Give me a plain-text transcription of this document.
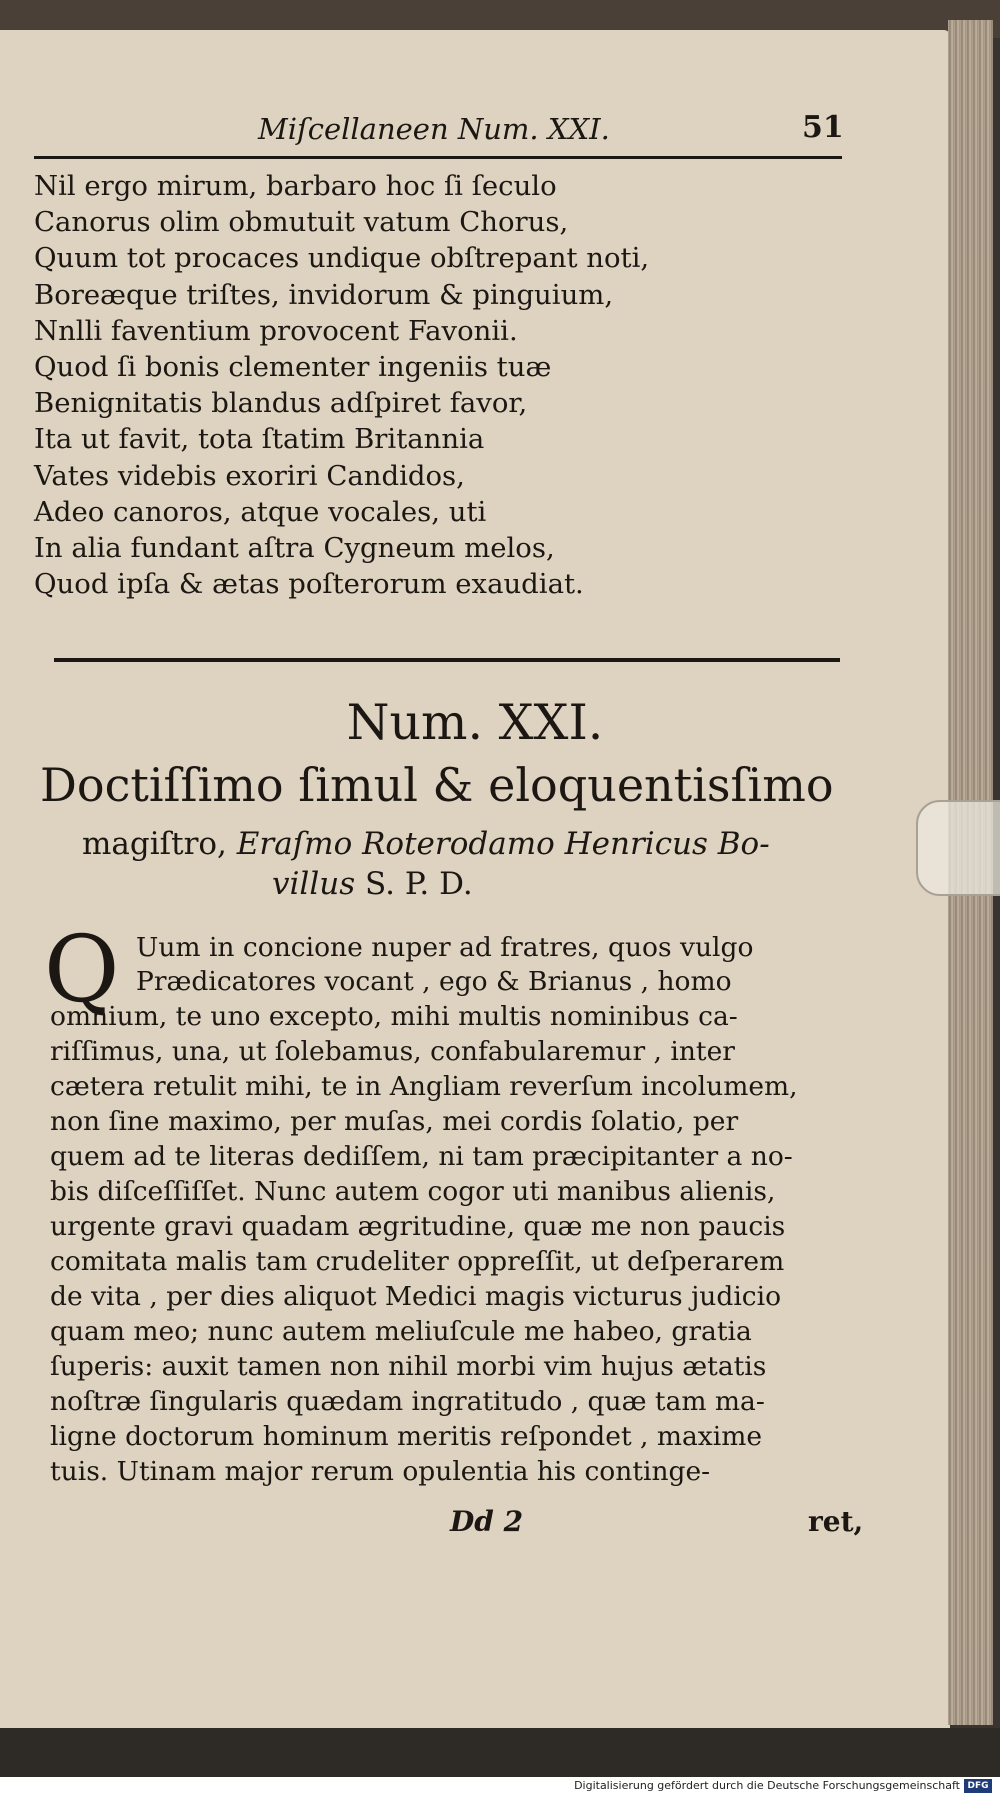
Miſcellaneen Num. XXI.	51
Nil ergo mirum, barbaro hoc ſi ſeculo
Canorus olim obmutuit vatum Chorus,
Quum tot procaces undique obſtrepant noti,
Boreæque triſtes, invidorum & pinguium,
Nnlli faventium provocent Favonii.
Quod ſi bonis clementer ingeniis tuæ
Benignitatis blandus adſpiret favor,
Ita ut favit, tota ſtatim Britannia
Vates videbis exoriri Candidos,
Adeo canoros, atque vocales, uti
In alia fundant aſtra Cygneum melos,
Quod ipſa & ætas poſterorum exaudiat.
Num. XXI.
Doctiſſimo ſimul & eloquentisſimo
magiſtro, Eraſmo Roterodamo Henricus Bo-
villus S. P. D.
Q Uum in concione nuper ad fratres, quos vulgo
Prædicatores vocant , ego & Brianus , homo
omnium, te uno excepto, mihi multis nominibus ca-
riſſimus, una, ut ſolebamus, confabularemur , inter
cætera retulit mihi, te in Angliam reverſum incolumem,
non ſine maximo, per muſas, mei cordis ſolatio, per
quem ad te literas dediſſem, ni tam præcipitanter a no-
bis diſceſſiſſet. Nunc autem cogor uti manibus alienis,
urgente gravi quadam ægritudine, quæ me non paucis
comitata malis tam crudeliter oppreſſit, ut deſperarem
de vita , per dies aliquot Medici magis victurus judicio
quam meo; nunc autem meliuſcule me habeo, gratia
ſuperis: auxit tamen non nihil morbi vim hujus ætatis
noſtræ ſingularis quædam ingratitudo , quæ tam ma-
ligne doctorum hominum meritis reſpondet , maxime
tuis. Utinam major rerum opulentia his continge-
Dd 2	ret,
Digitalisierung gefördert durch die Deutsche Forschungsgemeinschaft DFG
